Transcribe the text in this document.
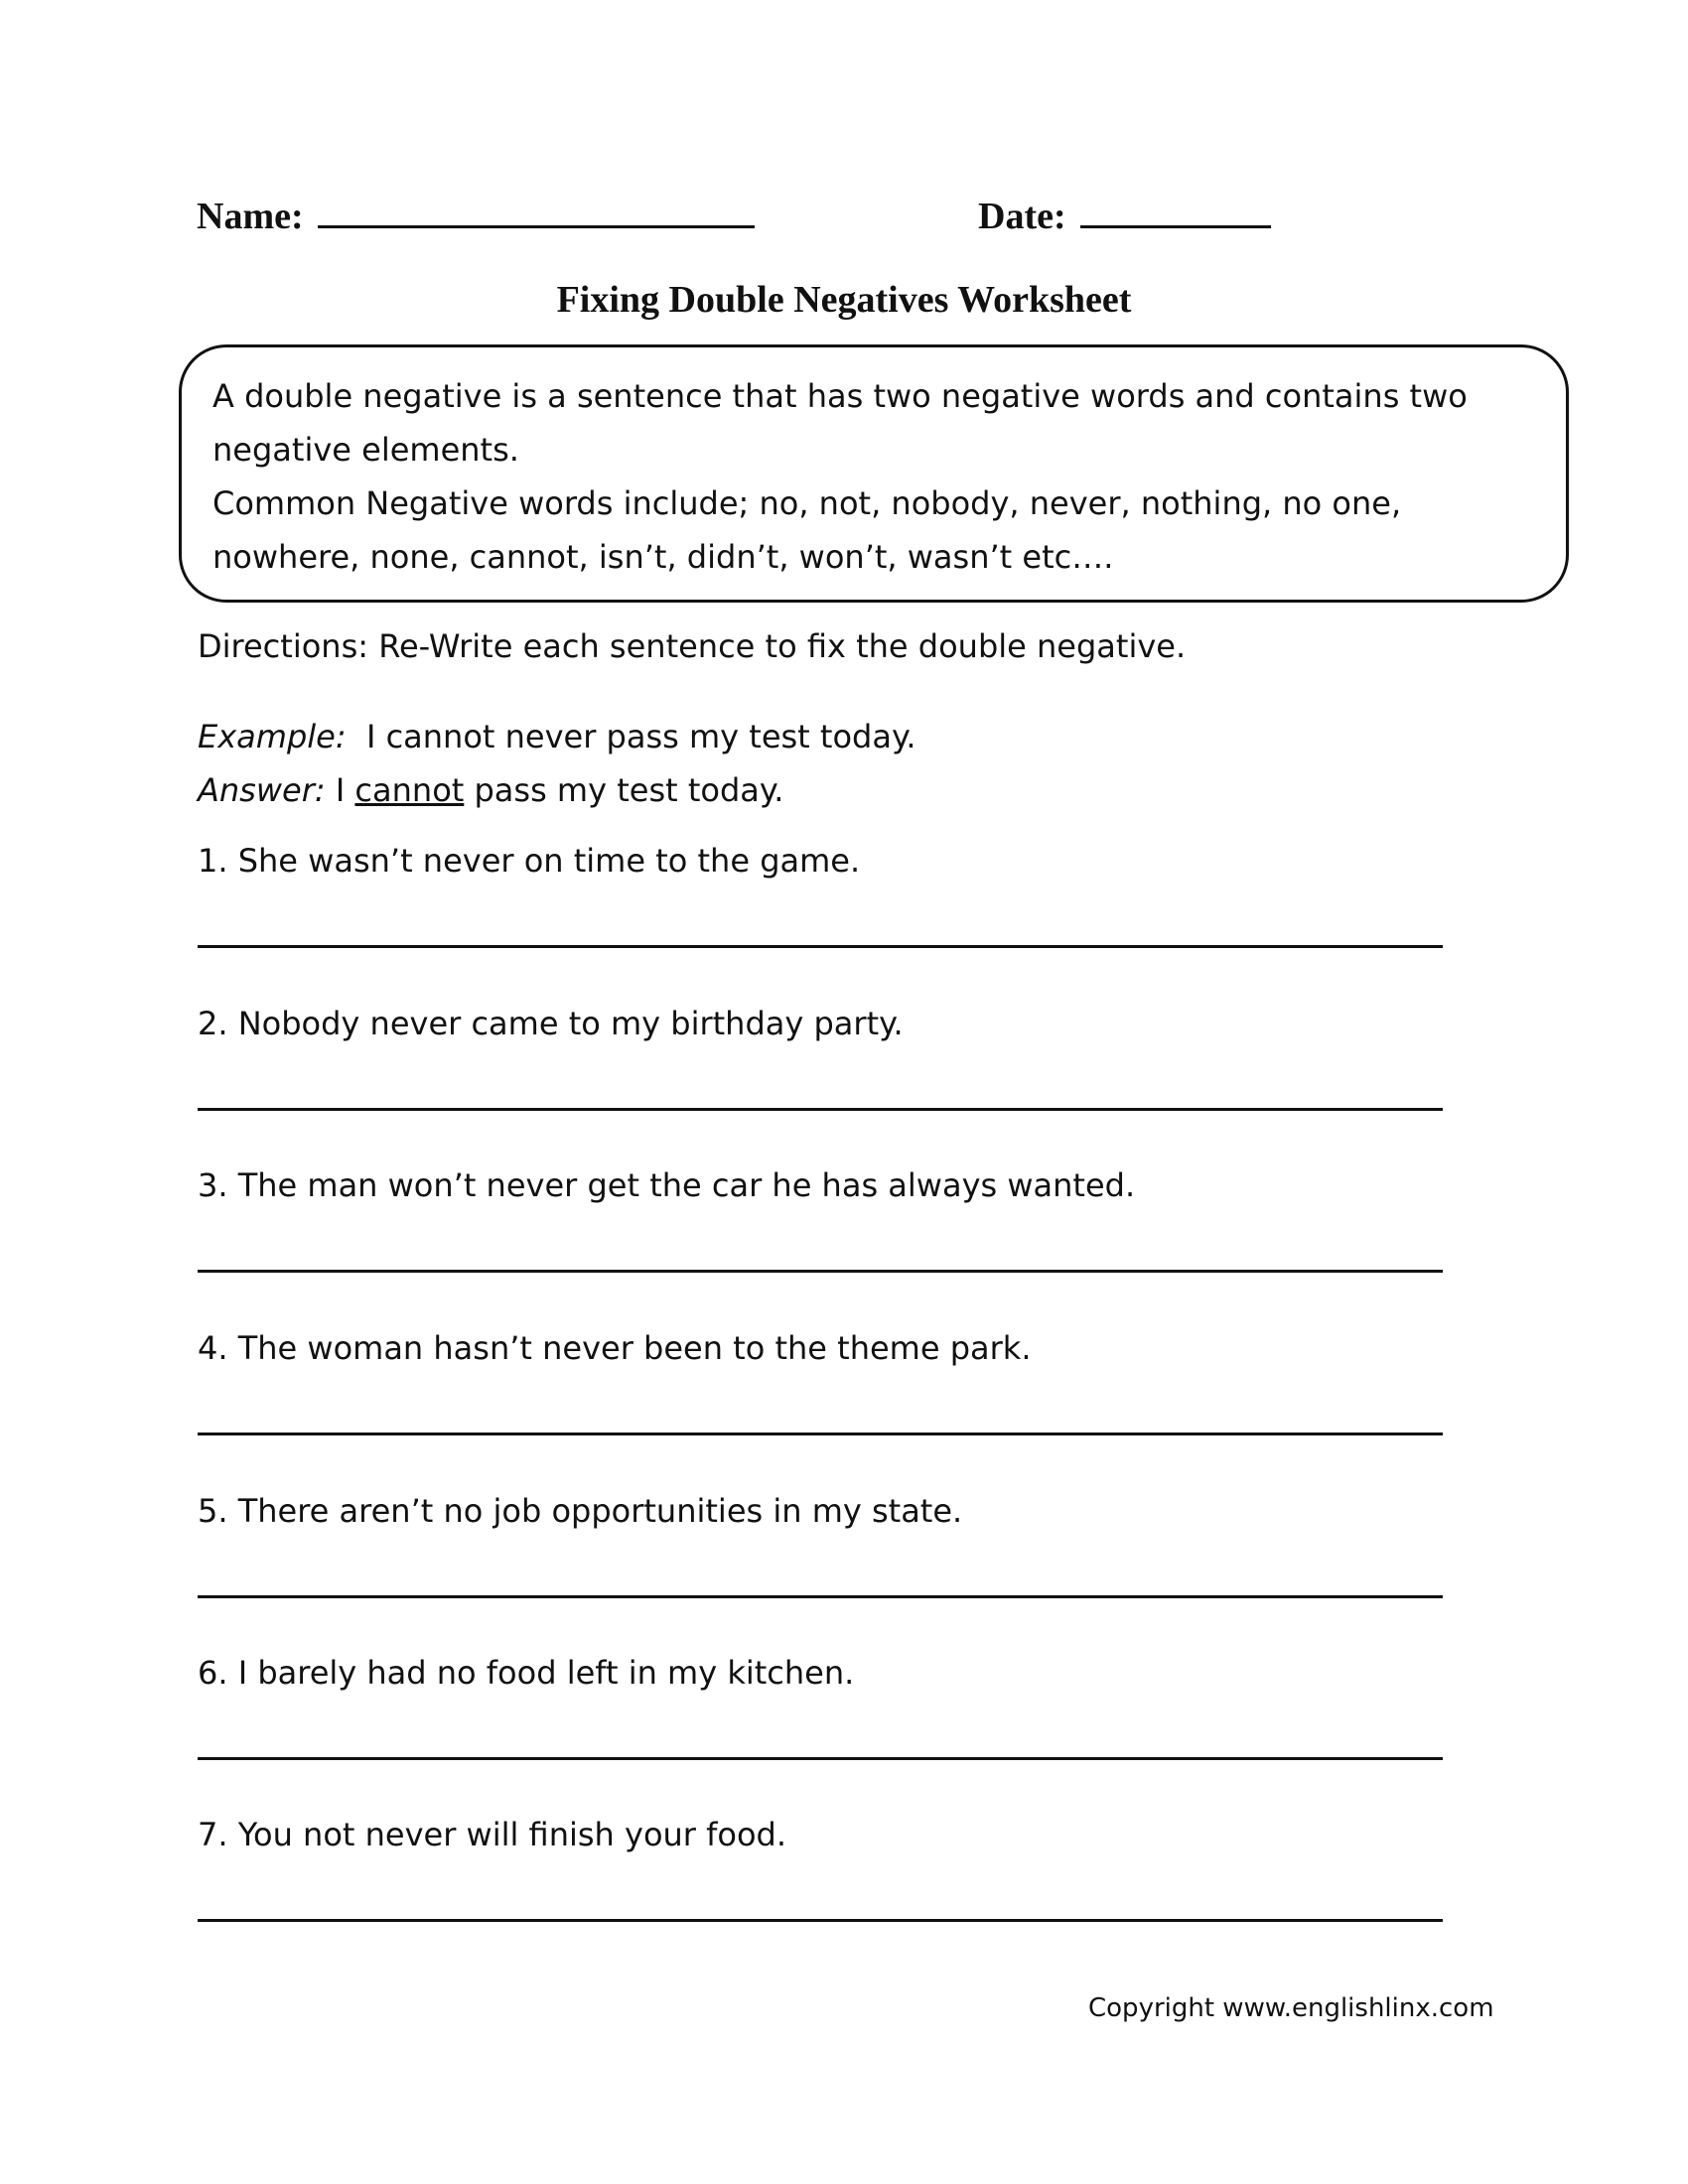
Name:	Date:
Fixing Double Negatives Worksheet

A double negative is a sentence that has two negative words and contains two negative elements.

Common Negative words include; no, not, nobody, never, nothing, no one, nowhere, none, cannot, isn’t, didn’t, won’t, wasn’t etc….

Directions: Re-Write each sentence to fix the double negative.
Example: I cannot never pass my test today.
Answer: I cannot pass my test today.
1. She wasn’t never on time to the game.
2. Nobody never came to my birthday party.
3. The man won’t never get the car he has always wanted.
4. The woman hasn’t never been to the theme park.
5. There aren’t no job opportunities in my state.
6. I barely had no food left in my kitchen.
7. You not never will finish your food.
Copyright www.englishlinx.com
